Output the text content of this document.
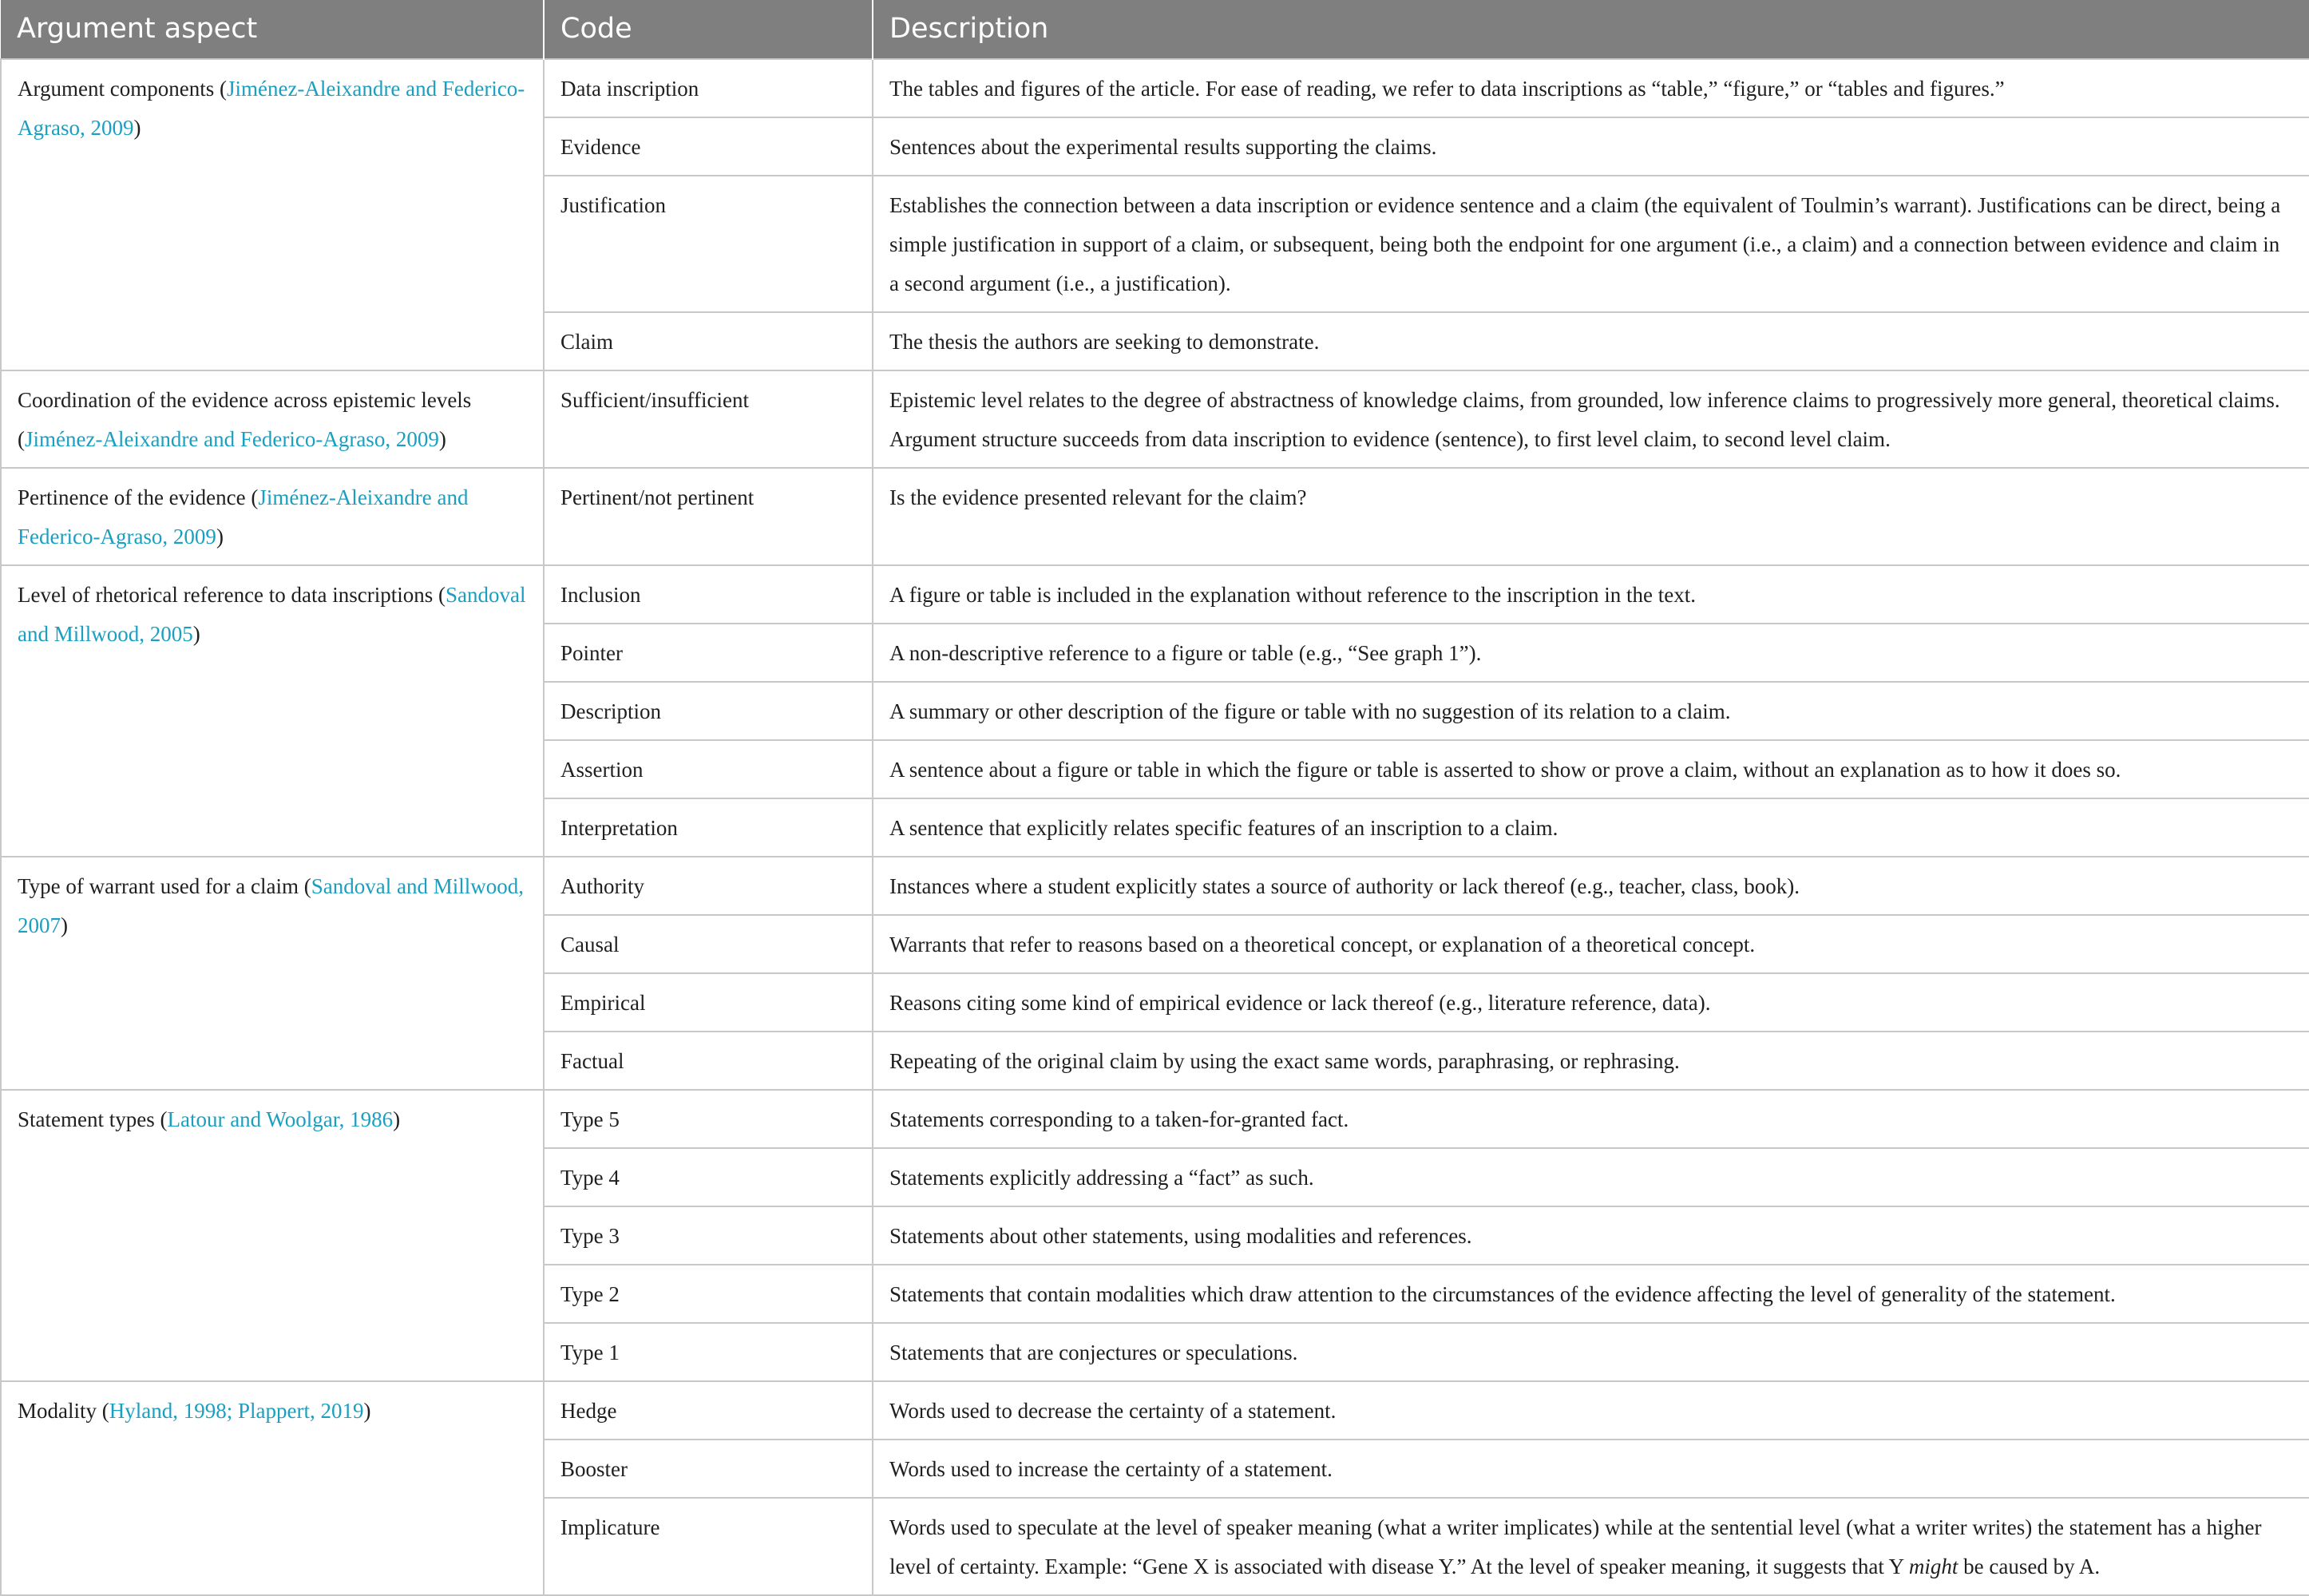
Argument aspect	Code	Description
Argument components (Jiménez-Aleixandre and Federico-Agraso, 2009)	Data inscription	The tables and figures of the article. For ease of reading, we refer to data inscriptions as “table,” “figure,” or “tables and figures.”
	Evidence	Sentences about the experimental results supporting the claims.
	Justification	Establishes the connection between a data inscription or evidence sentence and a claim (the equivalent of Toulmin’s warrant). Justifications can be direct, being a simple justification in support of a claim, or subsequent, being both the endpoint for one argument (i.e., a claim) and a connection between evidence and claim in a second argument (i.e., a justification).
	Claim	The thesis the authors are seeking to demonstrate.
Coordination of the evidence across epistemic levels (Jiménez-Aleixandre and Federico-Agraso, 2009)	Sufficient/insufficient	Epistemic level relates to the degree of abstractness of knowledge claims, from grounded, low inference claims to progressively more general, theoretical claims. Argument structure succeeds from data inscription to evidence (sentence), to first level claim, to second level claim.
Pertinence of the evidence (Jiménez-Aleixandre and Federico-Agraso, 2009)	Pertinent/not pertinent	Is the evidence presented relevant for the claim?
Level of rhetorical reference to data inscriptions (Sandoval and Millwood, 2005)	Inclusion	A figure or table is included in the explanation without reference to the inscription in the text.
	Pointer	A non-descriptive reference to a figure or table (e.g., “See graph 1”).
	Description	A summary or other description of the figure or table with no suggestion of its relation to a claim.
	Assertion	A sentence about a figure or table in which the figure or table is asserted to show or prove a claim, without an explanation as to how it does so.
	Interpretation	A sentence that explicitly relates specific features of an inscription to a claim.
Type of warrant used for a claim (Sandoval and Millwood, 2007)	Authority	Instances where a student explicitly states a source of authority or lack thereof (e.g., teacher, class, book).
	Causal	Warrants that refer to reasons based on a theoretical concept, or explanation of a theoretical concept.
	Empirical	Reasons citing some kind of empirical evidence or lack thereof (e.g., literature reference, data).
	Factual	Repeating of the original claim by using the exact same words, paraphrasing, or rephrasing.
Statement types (Latour and Woolgar, 1986)	Type 5	Statements corresponding to a taken-for-granted fact.
	Type 4	Statements explicitly addressing a “fact” as such.
	Type 3	Statements about other statements, using modalities and references.
	Type 2	Statements that contain modalities which draw attention to the circumstances of the evidence affecting the level of generality of the statement.
	Type 1	Statements that are conjectures or speculations.
Modality (Hyland, 1998; Plappert, 2019)	Hedge	Words used to decrease the certainty of a statement.
	Booster	Words used to increase the certainty of a statement.
	Implicature	Words used to speculate at the level of speaker meaning (what a writer implicates) while at the sentential level (what a writer writes) the statement has a higher level of certainty. Example: “Gene X is associated with disease Y.” At the level of speaker meaning, it suggests that Y might be caused by A.
